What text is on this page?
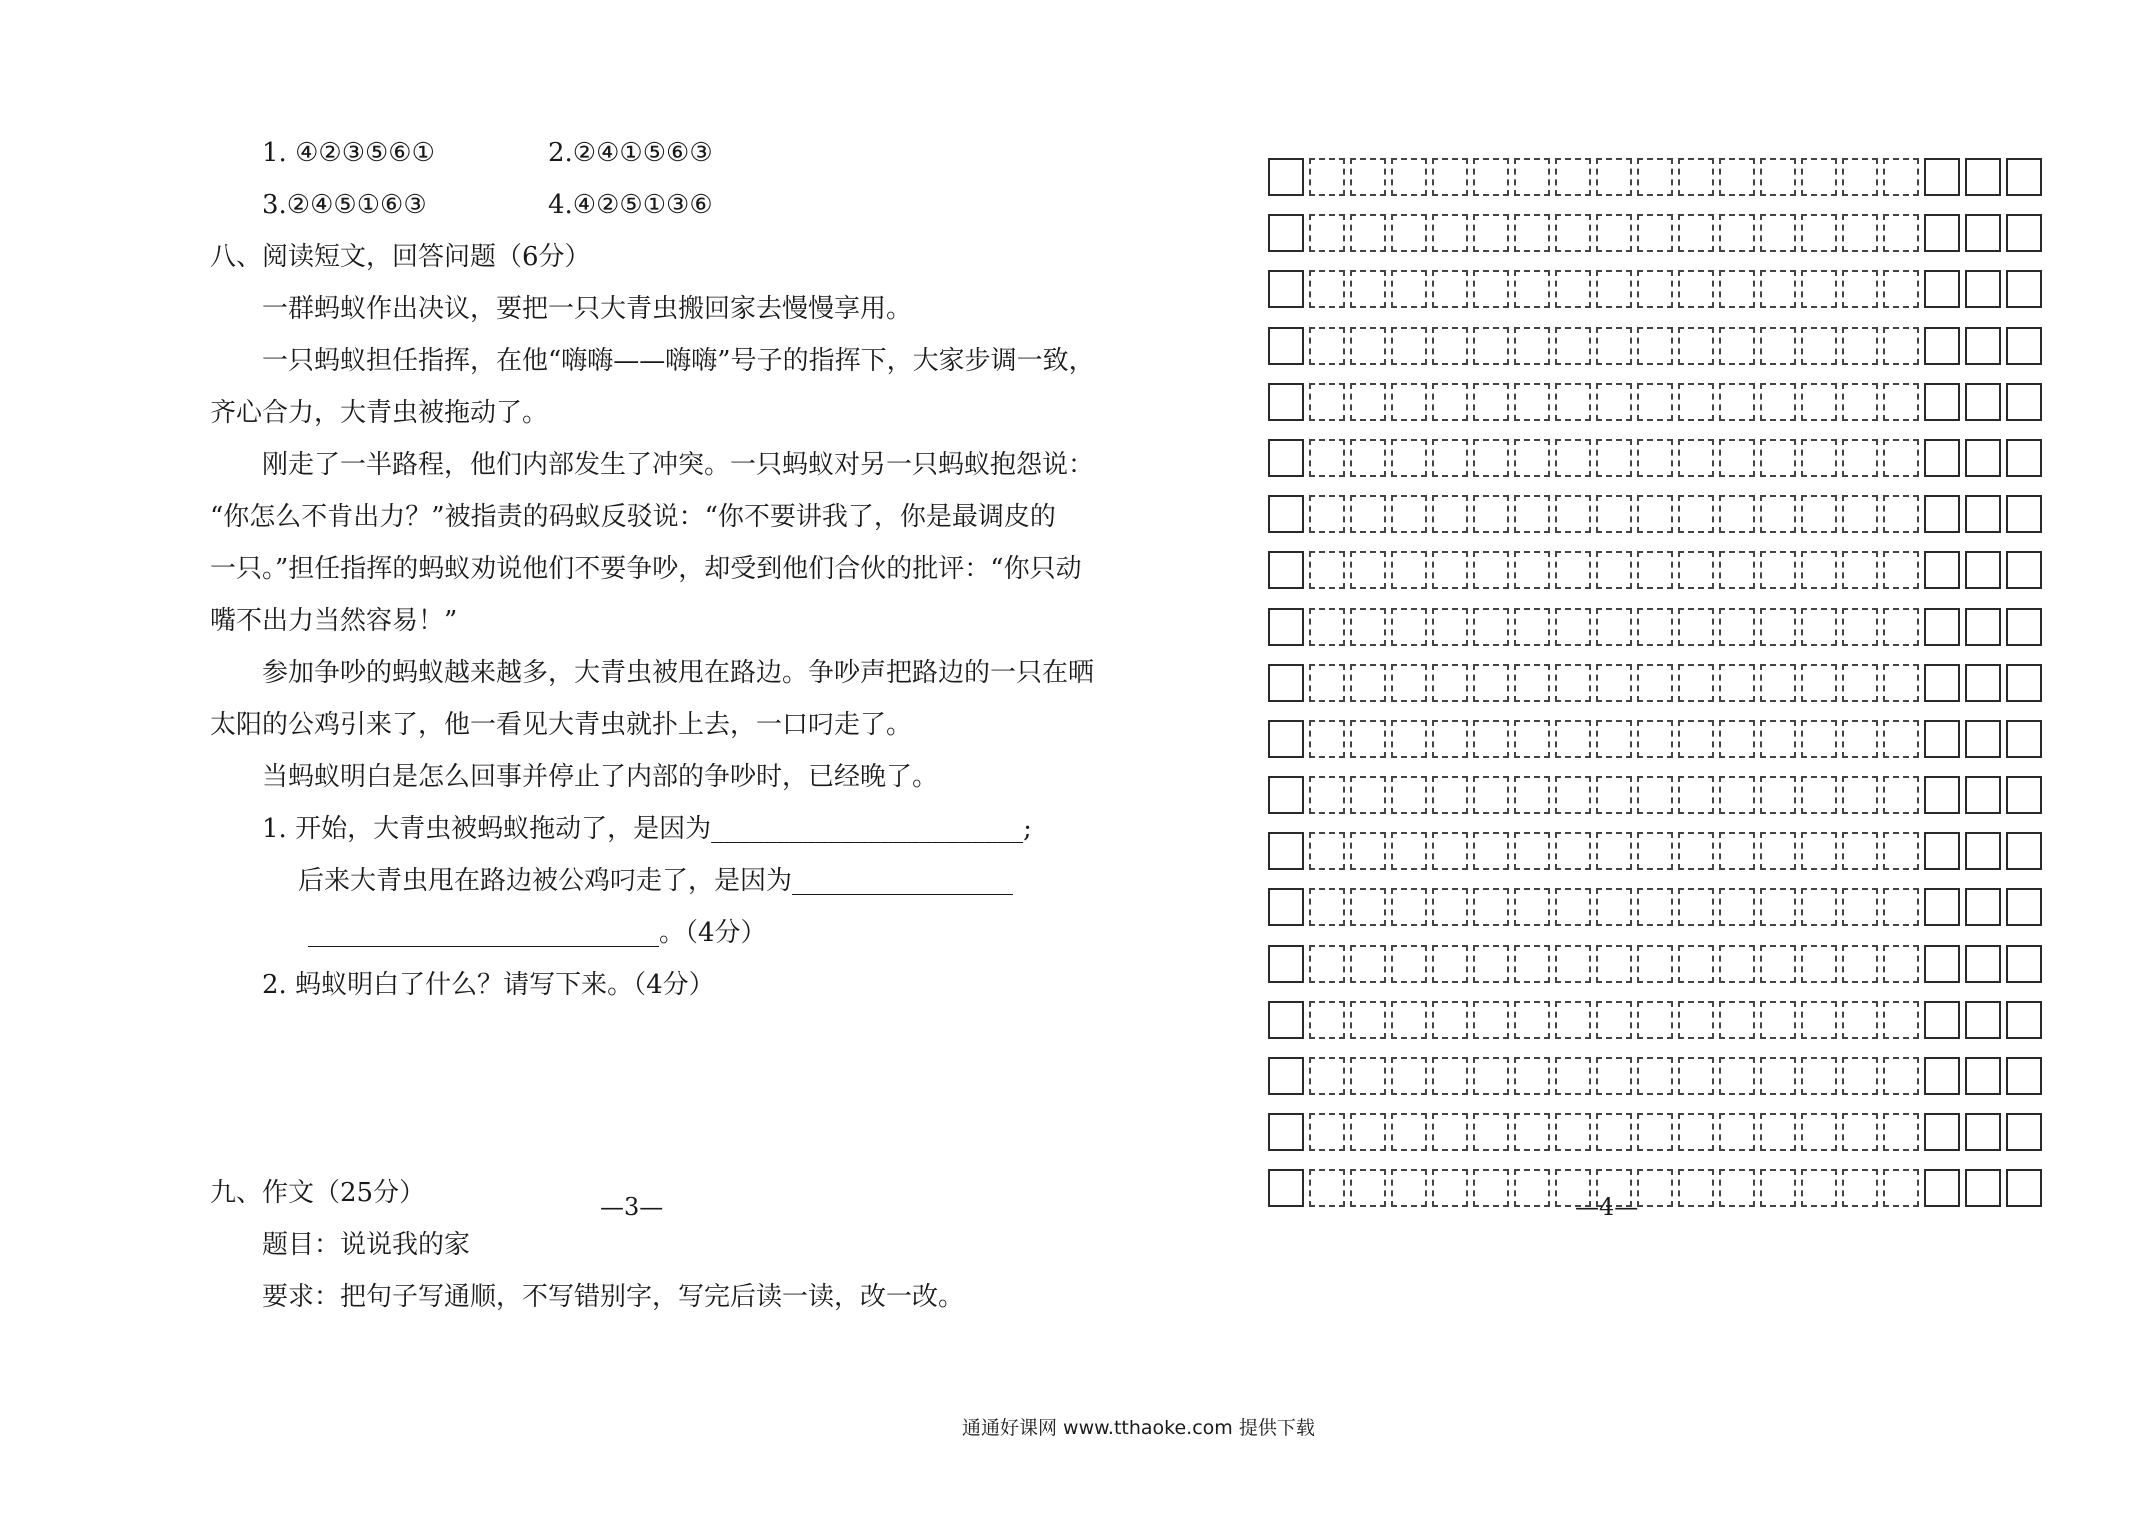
1. ④②③⑤⑥①	2.②④①⑤⑥③
3.②④⑤①⑥③	4.④②⑤①③⑥
八、阅读短文，回答问题（6分）
一群蚂蚁作出决议，要把一只大青虫搬回家去慢慢享用。
一只蚂蚁担任指挥，在他“嗨嗨——嗨嗨”号子的指挥下，大家步调一致，
齐心合力，大青虫被拖动了。
刚走了一半路程，他们内部发生了冲突。一只蚂蚁对另一只蚂蚁抱怨说：
“你怎么不肯出力？”被指责的码蚁反驳说：“你不要讲我了，你是最调皮的
一只。”担任指挥的蚂蚁劝说他们不要争吵，却受到他们合伙的批评：“你只动
嘴不出力当然容易！”
参加争吵的蚂蚁越来越多，大青虫被甩在路边。争吵声把路边的一只在晒
太阳的公鸡引来了，他一看见大青虫就扑上去，一口叼走了。
当蚂蚁明白是怎么回事并停止了内部的争吵时，已经晚了。
1. 开始，大青虫被蚂蚁拖动了，是因为________________________;
后来大青虫甩在路边被公鸡叼走了，是因为_________________
___________________________。（4分）
2. 蚂蚁明白了什么？请写下来。（4分）
九、作文（25分）	—3—
题目：说说我的家
要求：把句子写通顺，不写错别字，写完后读一读，改一改。
—4—
通通好课网 www.tthaoke.com 提供下载
